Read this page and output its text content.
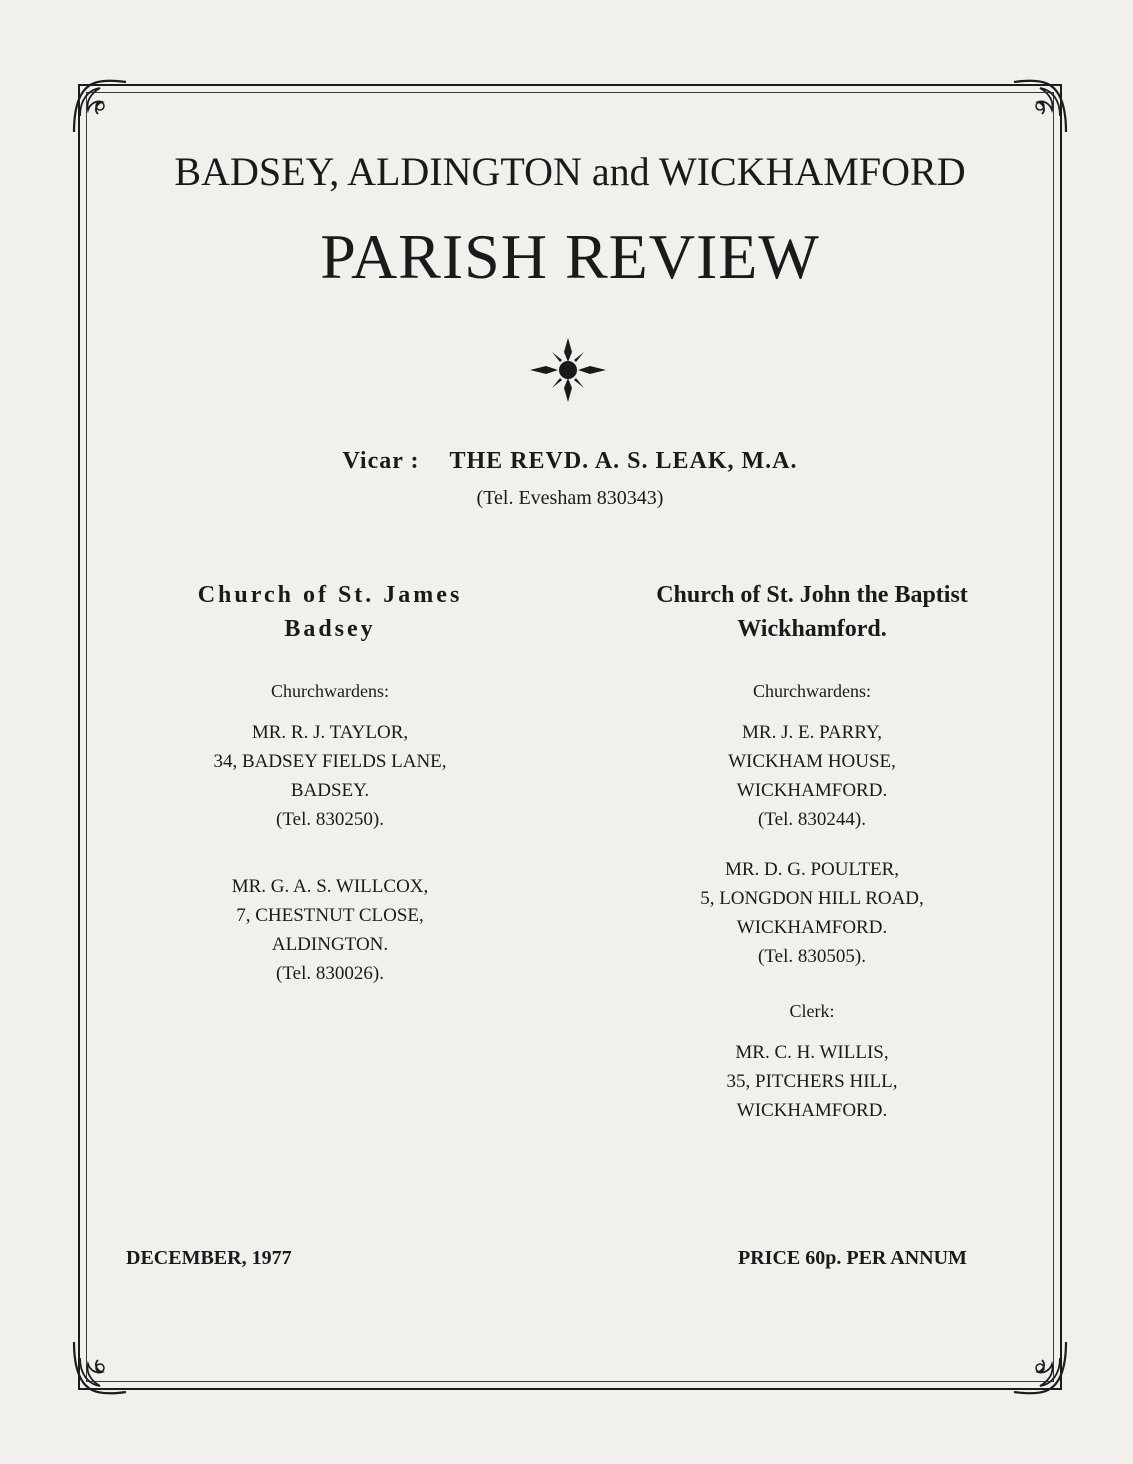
BADSEY, ALDINGTON and WICKHAMFORD
PARISH REVIEW
Vicar : THE REVD. A. S. LEAK, M.A.
(Tel. Evesham 830343)
Church of St. James
Badsey
Churchwardens:
MR. R. J. TAYLOR,
34, BADSEY FIELDS LANE,
BADSEY.
(Tel. 830250).
MR. G. A. S. WILLCOX,
7, CHESTNUT CLOSE,
ALDINGTON.
(Tel. 830026).
Church of St. John the Baptist
Wickhamford.
Churchwardens:
MR. J. E. PARRY,
WICKHAM HOUSE,
WICKHAMFORD.
(Tel. 830244).
MR. D. G. POULTER,
5, LONGDON HILL ROAD,
WICKHAMFORD.
(Tel. 830505).
Clerk:
MR. C. H. WILLIS,
35, PITCHERS HILL,
WICKHAMFORD.
DECEMBER, 1977	PRICE 60p. PER ANNUM
